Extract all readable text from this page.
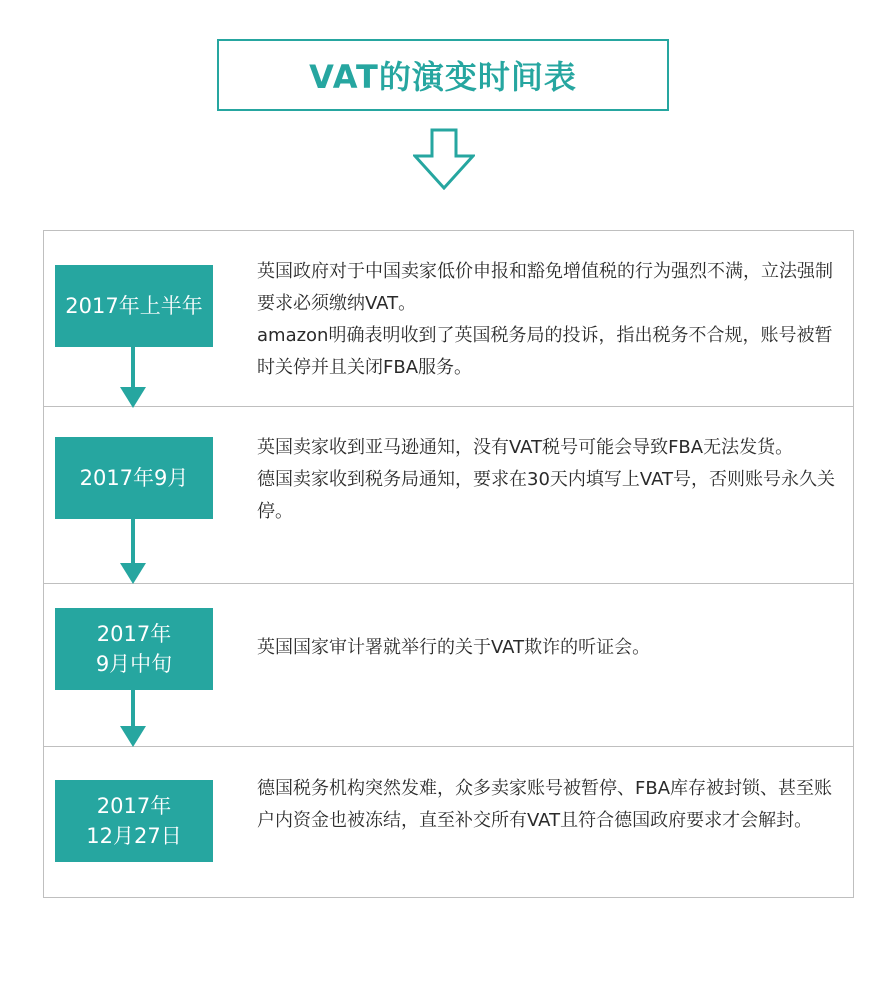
VAT的演变时间表
2017年上半年

英国政府对于中国卖家低价申报和豁免增值税的行为强烈不满，立法强制要求必须缴纳VAT。

amazon明确表明收到了英国税务局的投诉，指出税务不合规，账号被暂时关停并且关闭FBA服务。

2017年9月

英国卖家收到亚马逊通知，没有VAT税号可能会导致FBA无法发货。

德国卖家收到税务局通知，要求在30天内填写上VAT号，否则账号永久关停。

2017年
9月中旬

英国国家审计署就举行的关于VAT欺诈的听证会。

2017年
12月27日

德国税务机构突然发难，众多卖家账号被暂停、FBA库存被封锁、甚至账户内资金也被冻结，直至补交所有VAT且符合德国政府要求才会解封。
